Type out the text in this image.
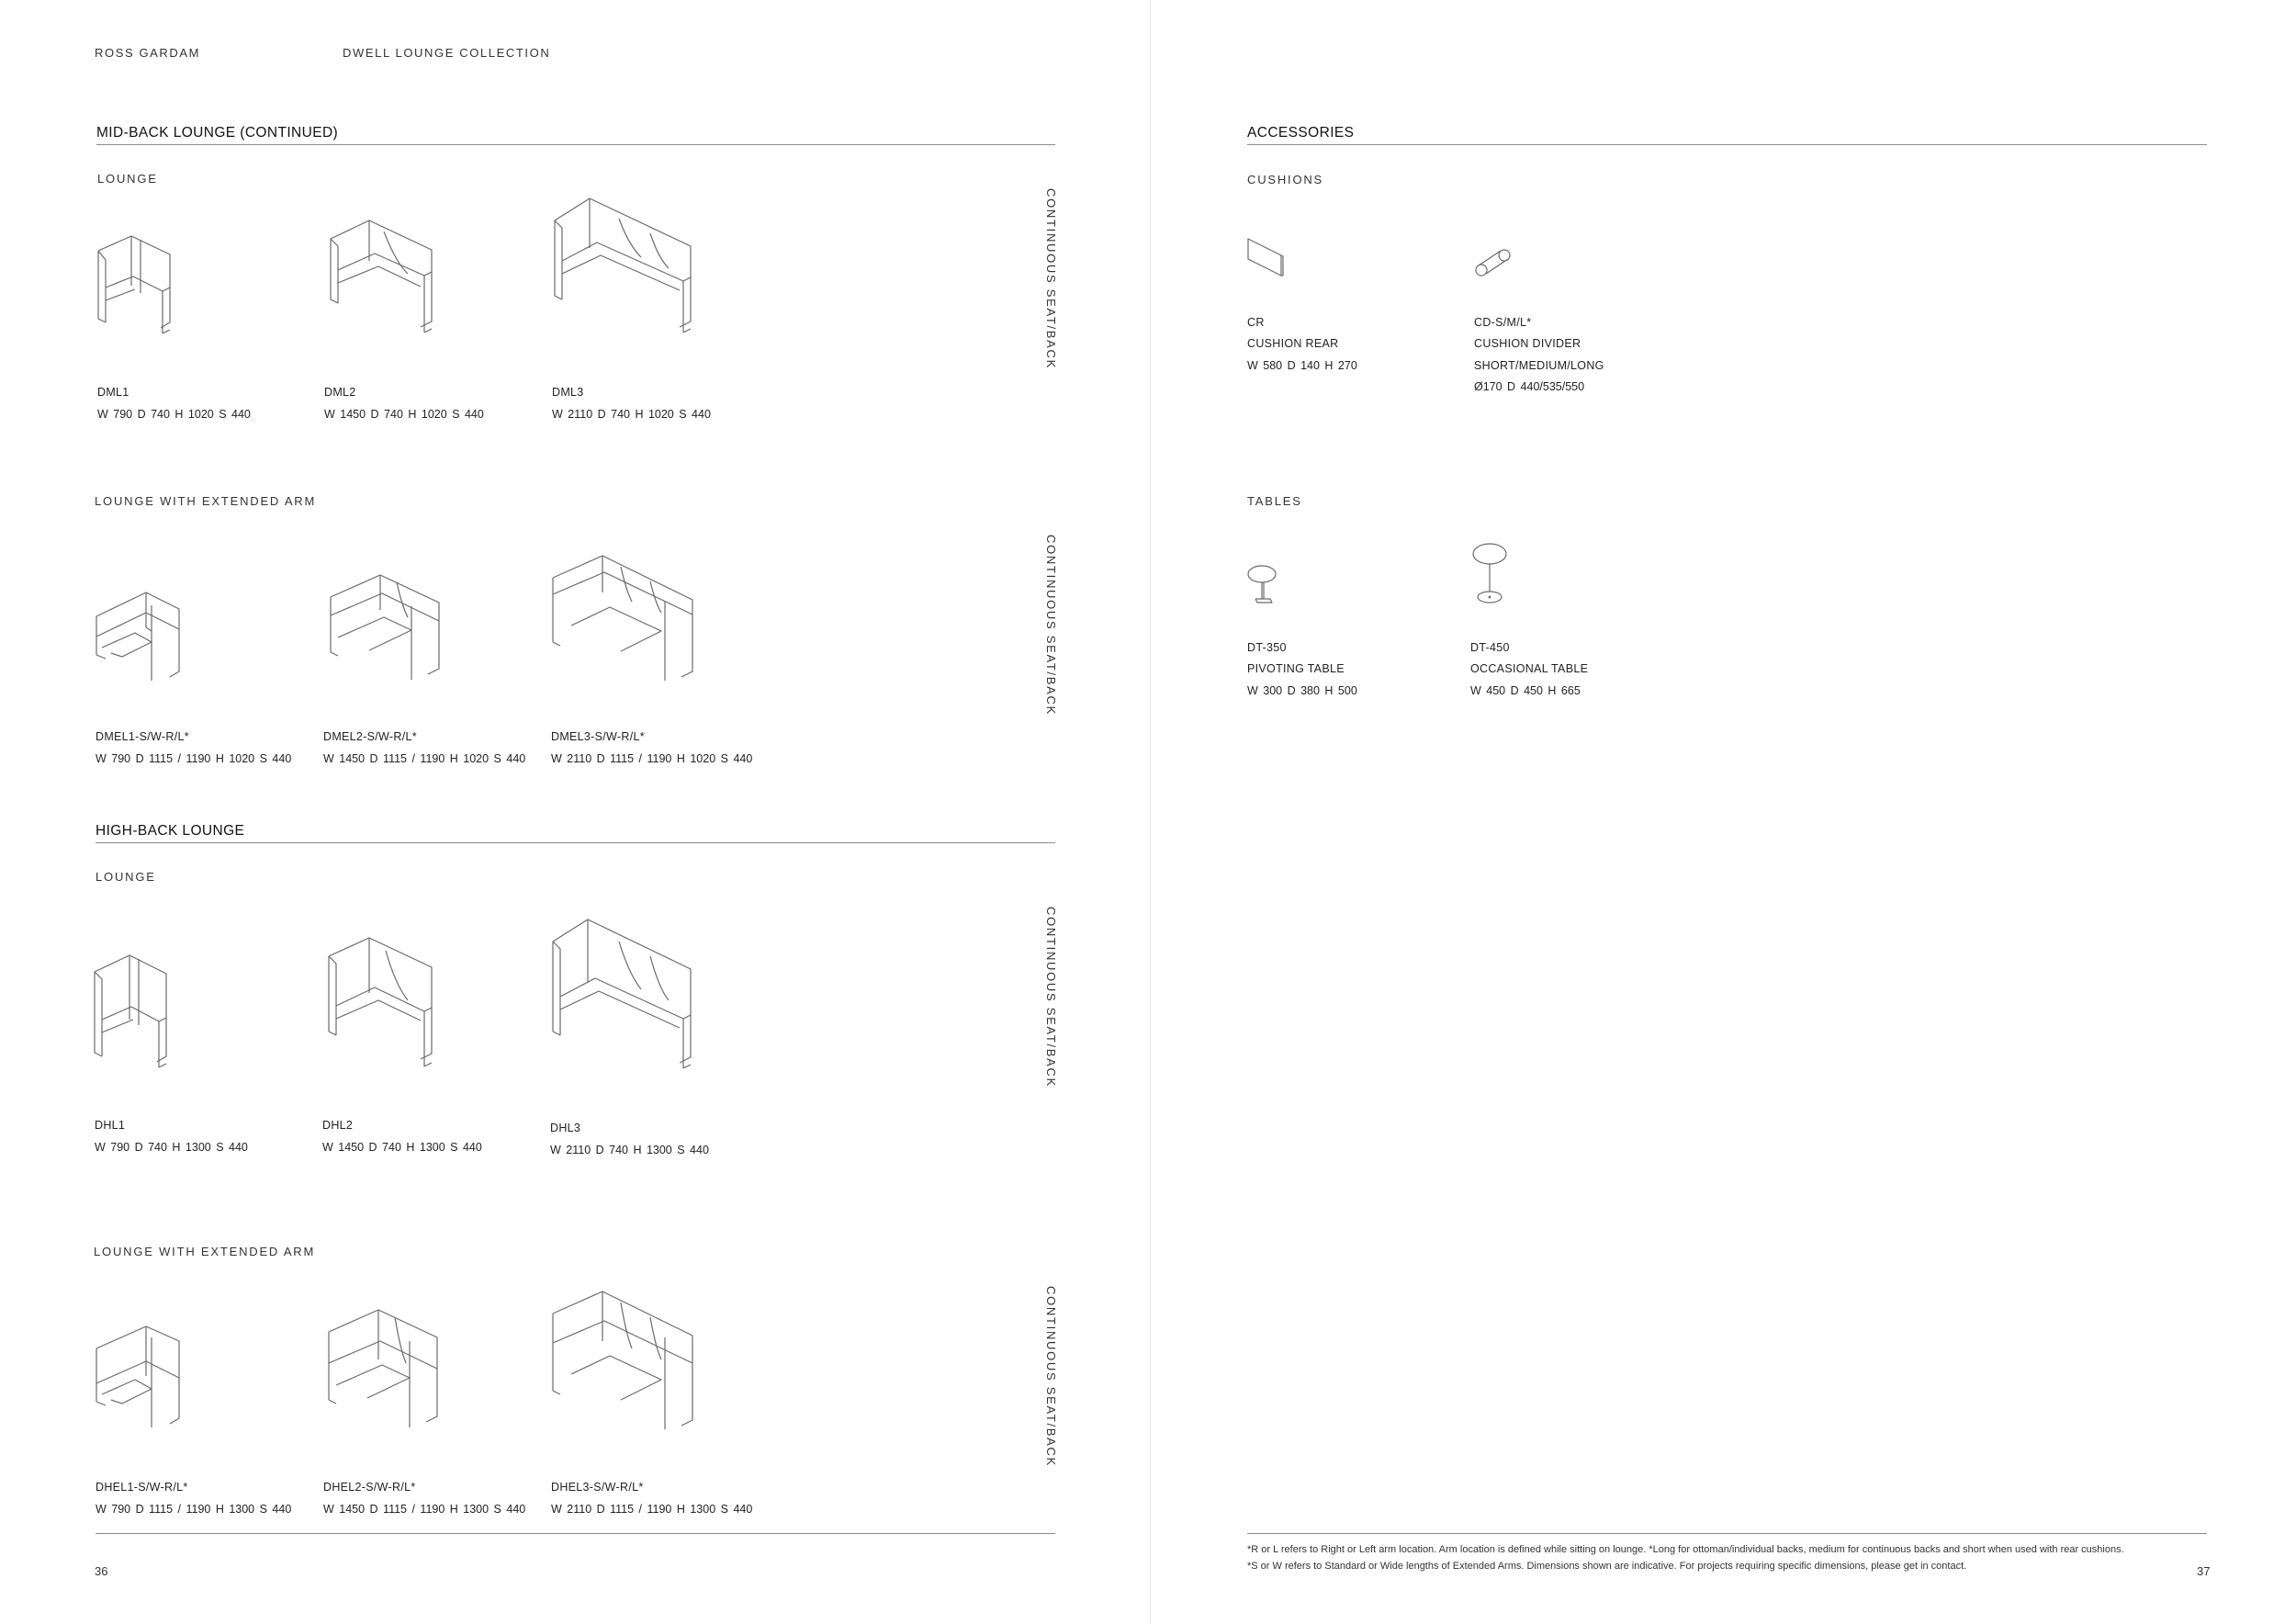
ROSS GARDAM	DWELL LOUNGE COLLECTION
MID-BACK LOUNGE (CONTINUED)
LOUNGE
CONTINUOUS SEAT/BACK
DML1
W 790 D 740 H 1020 S 440
DML2
W 1450 D 740 H 1020 S 440
DML3
W 2110 D 740 H 1020 S 440
LOUNGE WITH EXTENDED ARM
CONTINUOUS SEAT/BACK
DMEL1-S/W-R/L*
W 790 D 1115 / 1190 H 1020 S 440
DMEL2-S/W-R/L*
W 1450 D 1115 / 1190 H 1020 S 440
DMEL3-S/W-R/L*
W 2110 D 1115 / 1190 H 1020 S 440
HIGH-BACK LOUNGE
LOUNGE
CONTINUOUS SEAT/BACK
DHL1
W 790 D 740 H 1300 S 440
DHL2
W 1450 D 740 H 1300 S 440
DHL3
W 2110 D 740 H 1300 S 440
LOUNGE WITH EXTENDED ARM
CONTINUOUS SEAT/BACK
DHEL1-S/W-R/L*
W 790 D 1115 / 1190 H 1300 S 440
DHEL2-S/W-R/L*
W 1450 D 1115 / 1190 H 1300 S 440
DHEL3-S/W-R/L*
W 2110 D 1115 / 1190 H 1300 S 440
36
ACCESSORIES
CUSHIONS
CR
CUSHION REAR
W 580 D 140 H 270
CD-S/M/L*
CUSHION DIVIDER
SHORT/MEDIUM/LONG
Ø170 D 440/535/550
TABLES
DT-350
PIVOTING TABLE
W 300 D 380 H 500
DT-450
OCCASIONAL TABLE
W 450 D 450 H 665
*R or L refers to Right or Left arm location. Arm location is defined while sitting on lounge. *Long for ottoman/individual backs, medium for continuous backs and short when used with rear cushions.
*S or W refers to Standard or Wide lengths of Extended Arms. Dimensions shown are indicative. For projects requiring specific dimensions, please get in contact.	37
